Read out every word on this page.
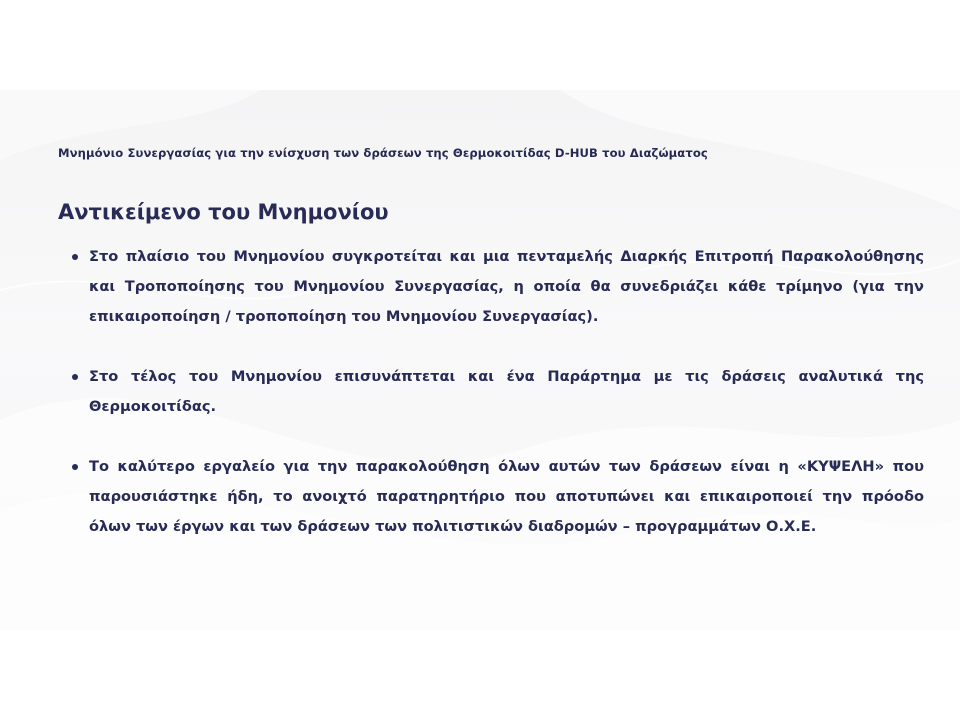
Μνημόνιο Συνεργασίας για την ενίσχυση των δράσεων της Θερμοκοιτίδας D-HUB του Διαζώματος
Αντικείμενο του Μνημονίου
Στο πλαίσιο του Μνημονίου συγκροτείται και μια πενταμελής Διαρκής Επιτροπή Παρακολούθησης και Τροποποίησης του Μνημονίου Συνεργασίας, η οποία θα συνεδριάζει κάθε τρίμηνο (για την επικαιροποίηση / τροποποίηση του Μνημονίου Συνεργασίας).
Στο τέλος του Μνημονίου επισυνάπτεται και ένα Παράρτημα με τις δράσεις αναλυτικά της Θερμοκοιτίδας.
Το καλύτερο εργαλείο για την παρακολούθηση όλων αυτών των δράσεων είναι η «ΚΥΨΕΛΗ» που παρουσιάστηκε ήδη, το ανοιχτό παρατηρητήριο που αποτυπώνει και επικαιροποιεί την πρόοδο όλων των έργων και των δράσεων των πολιτιστικών διαδρομών – προγραμμάτων Ο.Χ.Ε.
